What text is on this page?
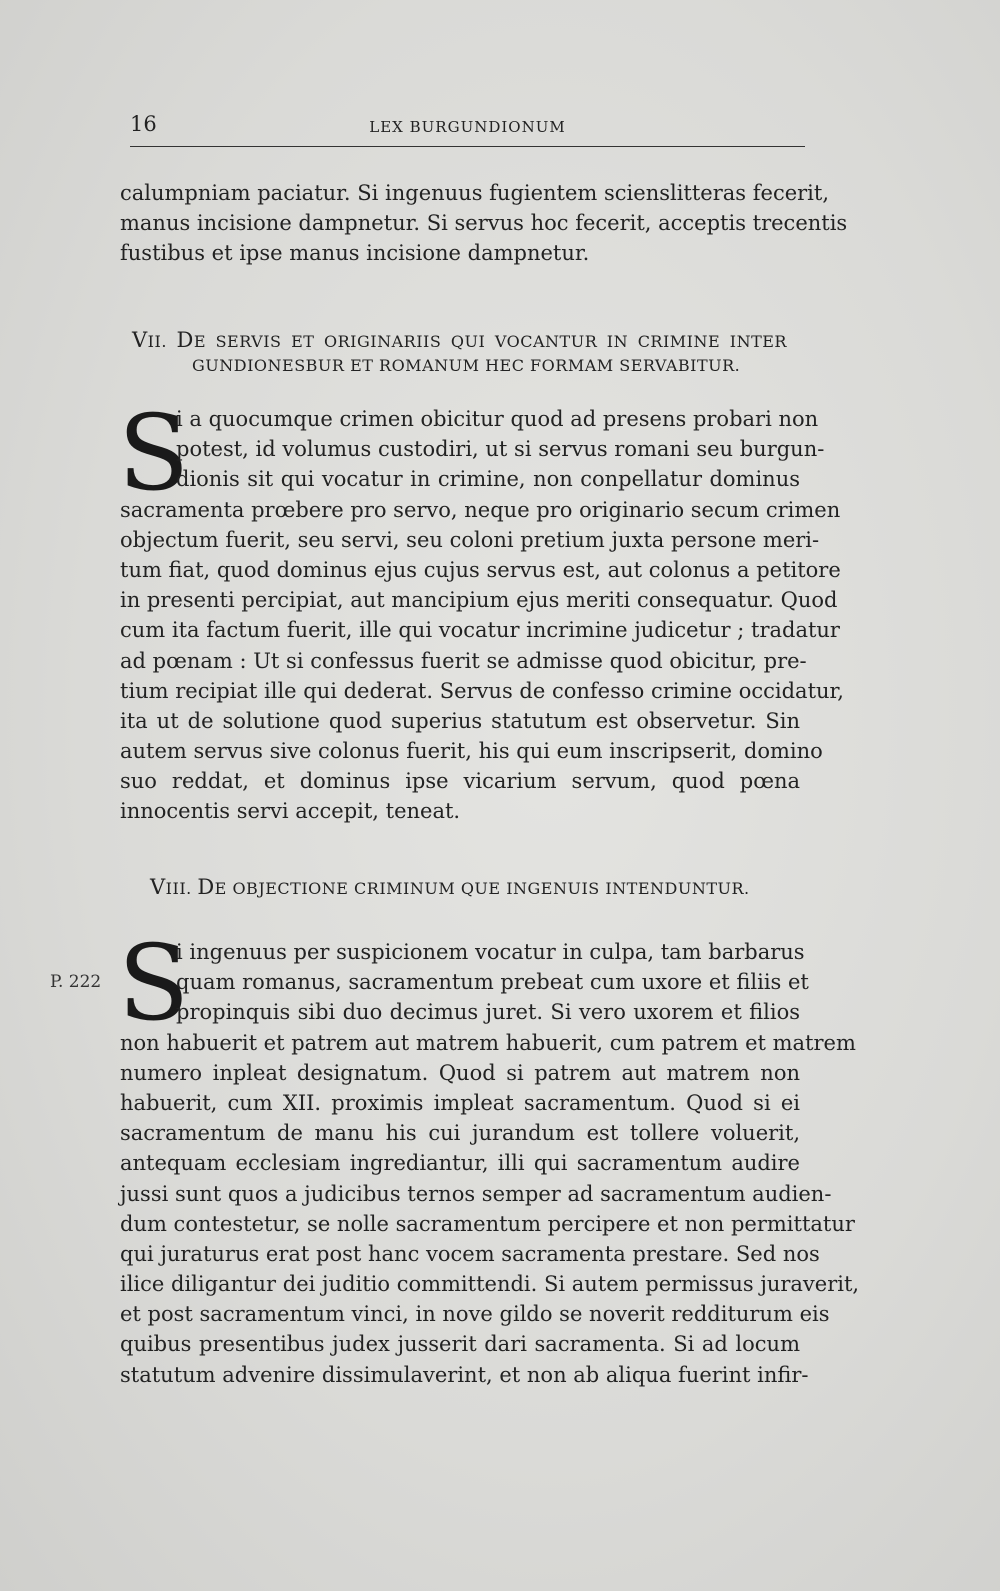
16	LEX BURGUNDIONUM
calumpniam paciatur. Si ingenuus fugientem scienslitteras fecerit,
manus incisione dampnetur. Si servus hoc fecerit, acceptis trecentis
fustibus et ipse manus incisione dampnetur.
VII. DE SERVIS ET ORIGINARIIS QUI VOCANTUR IN CRIMINE INTER
GUNDIONESBUR ET ROMANUM HEC FORMAM SERVABITUR.
S
i a quocumque crimen obicitur quod ad presens probari non
potest, id volumus custodiri, ut si servus romani seu burgun-
dionis sit qui vocatur in crimine, non conpellatur dominus
sacramenta prœbere pro servo, neque pro originario secum crimen
objectum fuerit, seu servi, seu coloni pretium juxta persone meri-
tum fiat, quod dominus ejus cujus servus est, aut colonus a petitore
in presenti percipiat, aut mancipium ejus meriti consequatur. Quod
cum ita factum fuerit, ille qui vocatur incrimine judicetur ; tradatur
ad pœnam : Ut si confessus fuerit se admisse quod obicitur, pre-
tium recipiat ille qui dederat. Servus de confesso crimine occidatur,
ita ut de solutione quod superius statutum est observetur. Sin
autem servus sive colonus fuerit, his qui eum inscripserit, domino
suo reddat, et dominus ipse vicarium servum, quod pœna
innocentis servi accepit, teneat.
VIII. DE OBJECTIONE CRIMINUM QUE INGENUIS INTENDUNTUR.
P. 222 S
i ingenuus per suspicionem vocatur in culpa, tam barbarus
quam romanus, sacramentum prebeat cum uxore et filiis et
propinquis sibi duo decimus juret. Si vero uxorem et filios
non habuerit et patrem aut matrem habuerit, cum patrem et matrem
numero inpleat designatum. Quod si patrem aut matrem non
habuerit, cum XII. proximis impleat sacramentum. Quod si ei
sacramentum de manu his cui jurandum est tollere voluerit,
antequam ecclesiam ingrediantur, illi qui sacramentum audire
jussi sunt quos a judicibus ternos semper ad sacramentum audien-
dum contestetur, se nolle sacramentum percipere et non permittatur
qui juraturus erat post hanc vocem sacramenta prestare. Sed nos
ilice diligantur dei juditio committendi. Si autem permissus juraverit,
et post sacramentum vinci, in nove gildo se noverit redditurum eis
quibus presentibus judex jusserit dari sacramenta. Si ad locum
statutum advenire dissimulaverint, et non ab aliqua fuerint infir-
